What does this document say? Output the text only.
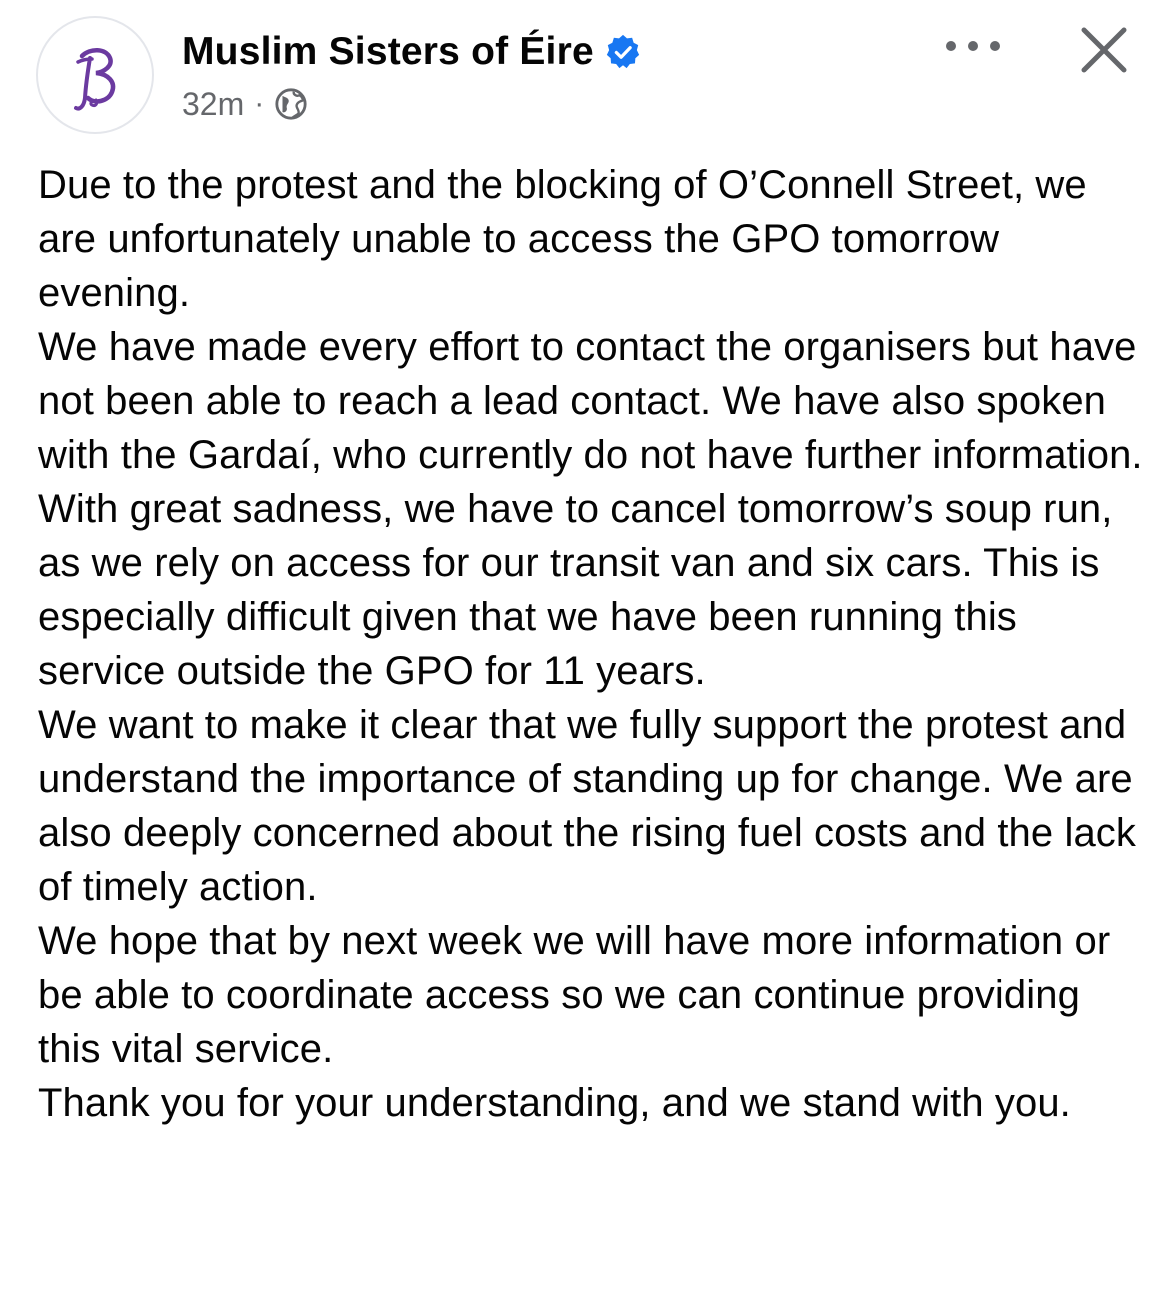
Muslim Sisters of Éire
32m ·

Due to the protest and the blocking of O’Connell Street, we are unfortunately unable to access the GPO tomorrow evening.

We have made every effort to contact the organisers but have not been able to reach a lead contact. We have also spoken with the Gardaí, who currently do not have further information.

With great sadness, we have to cancel tomorrow’s soup run, as we rely on access for our transit van and six cars. This is especially difficult given that we have been running this service outside the GPO for 11 years.

We want to make it clear that we fully support the protest and understand the importance of standing up for change. We are also deeply concerned about the rising fuel costs and the lack of timely action.

We hope that by next week we will have more information or be able to coordinate access so we can continue providing this vital service.

Thank you for your understanding, and we stand with you.
